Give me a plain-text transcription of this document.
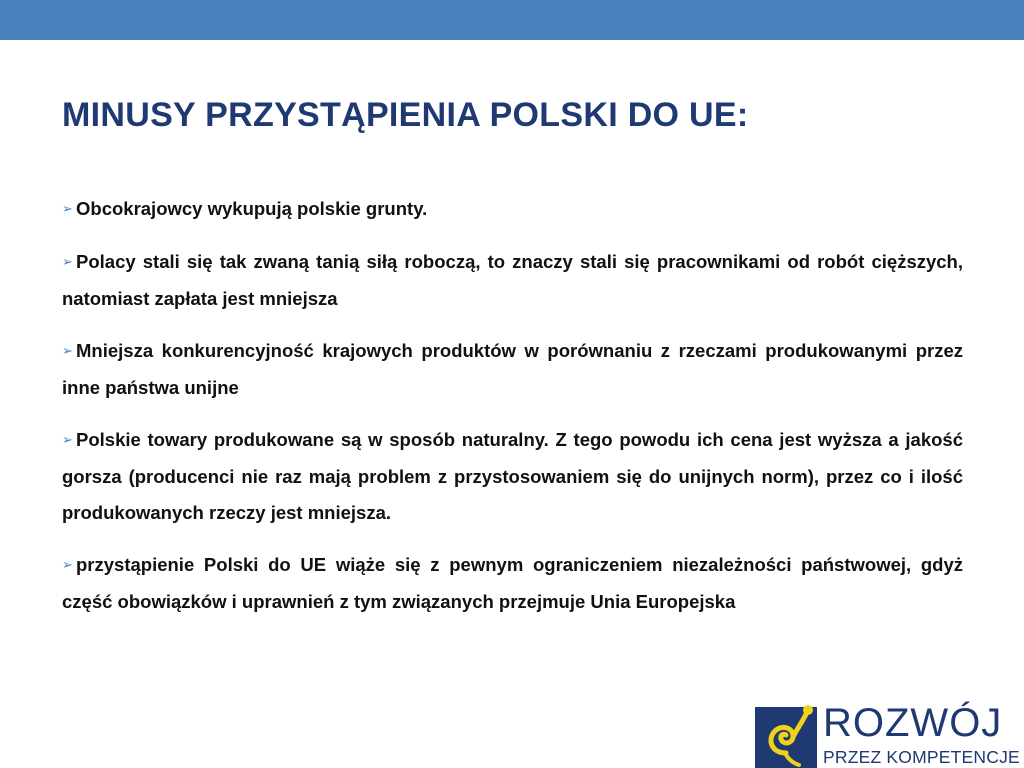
MINUSY PRZYSTĄPIENIA POLSKI DO UE:

➢ Obcokrajowcy wykupują polskie grunty.

➢ Polacy stali się tak zwaną tanią siłą roboczą, to znaczy stali się pracownikami od robót cięższych, natomiast zapłata jest mniejsza

➢ Mniejsza konkurencyjność krajowych produktów w porównaniu z rzeczami produkowanymi przez inne państwa unijne

➢ Polskie towary produkowane są w sposób naturalny. Z tego powodu ich cena jest wyższa a jakość gorsza (producenci nie raz mają problem z przystosowaniem się do unijnych norm), przez co i ilość produkowanych rzeczy jest mniejsza.

➢ przystąpienie Polski do UE wiąże się z pewnym ograniczeniem niezależności państwowej, gdyż część obowiązków i uprawnień z tym związanych przejmuje Unia Europejska

ROZWÓJ
PRZEZ KOMPETENCJE
